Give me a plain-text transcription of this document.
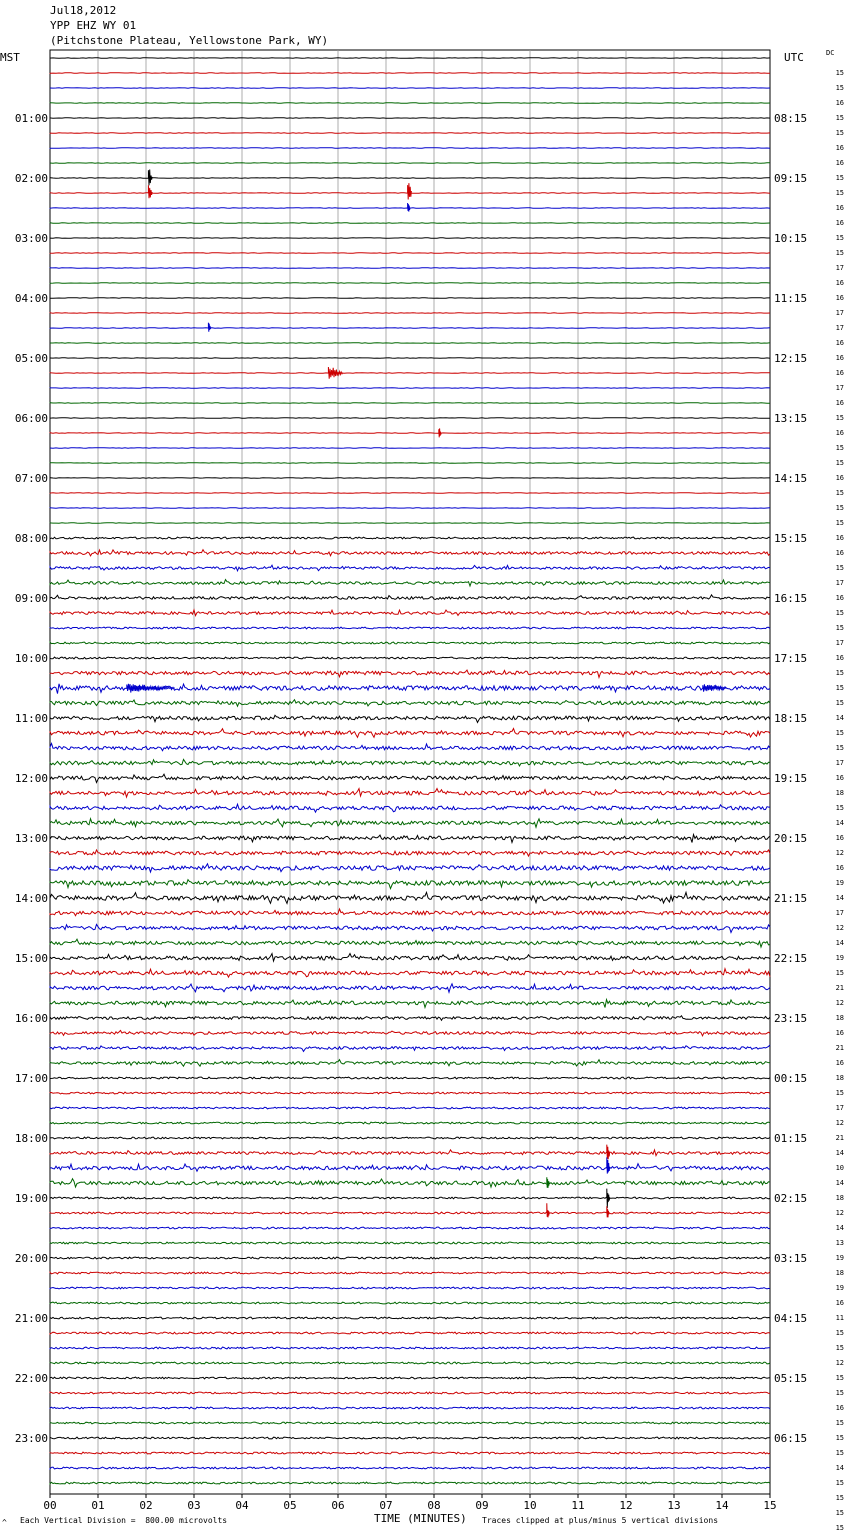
Jul18,2012
YPP EHZ WY 01
(Pitchstone Plateau, Yellowstone Park, WY)
MST	UTC	DC
01:00
02:00
03:00
04:00
05:00
06:00
07:00
08:00
09:00
10:00
11:00
12:00
13:00
14:00
15:00
16:00
17:00
18:00
19:00
20:00
21:00
22:00
23:00
08:15
09:15
10:15
11:15
12:15
13:15
14:15
15:15
16:15
17:15
18:15
19:15
20:15
21:15
22:15
23:15
00:15
01:15
02:15
03:15
04:15
05:15
06:15
15
15
16
15
15
16
16
15
15
16
16
15
15
17
16
16
17
17
16
16
16
17
16
15
16
15
15
16
15
15
15
16
16
15
17
16
15
15
17
16
15
15
15
14
15
15
17
16
18
15
14
16
12
16
19
14
17
12
14
19
15
21
12
18
16
21
16
18
15
17
12
21
14
10
14
18
12
14
13
19
18
19
16
11
15
15
12
15
15
16
15
15
15
14
15
15
15
15
00	01	02	03	04	05	06	07	08	09	10	11	12	13	14	15
^ Each Vertical Division =  800.00 microvolts	TIME (MINUTES) Traces clipped at plus/minus 5 vertical divisions
